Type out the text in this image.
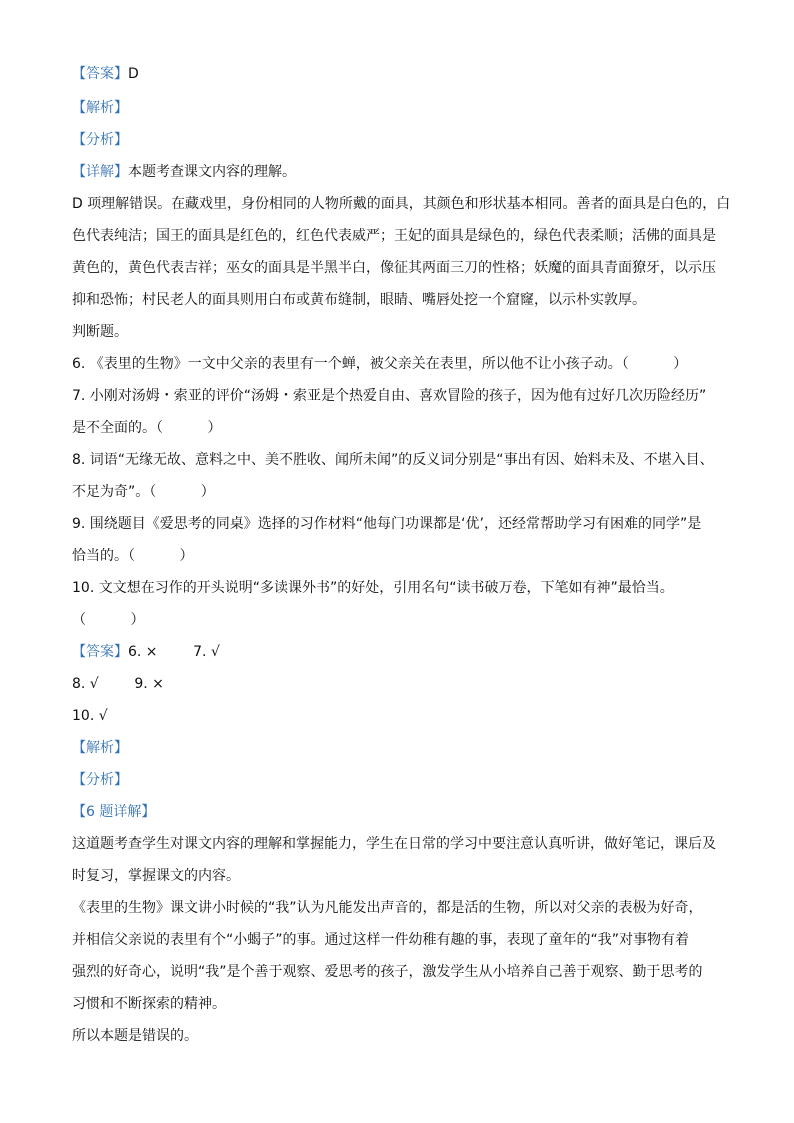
【答案】D
【解析】
【分析】
【详解】本题考查课文内容的理解。
D 项理解错误。在藏戏里，身份相同的人物所戴的面具，其颜色和形状基本相同。善者的面具是白色的，白
色代表纯洁；国王的面具是红色的，红色代表威严；王妃的面具是绿色的，绿色代表柔顺；活佛的面具是
黄色的，黄色代表吉祥；巫女的面具是半黑半白，像征其两面三刀的性格；妖魔的面具青面獠牙，以示压
抑和恐怖；村民老人的面具则用白布或黄布缝制，眼睛、嘴唇处挖一个窟窿，以示朴实敦厚。
判断题。
6. 《表里的生物》一文中父亲的表里有一个蝉，被父亲关在表里，所以他不让小孩子动。（          ）
7. 小刚对汤姆・索亚的评价“汤姆・索亚是个热爱自由、喜欢冒险的孩子，因为他有过好几次历险经历”
是不全面的。（          ）
8. 词语“无缘无故、意料之中、美不胜收、闻所未闻”的反义词分别是“事出有因、始料未及、不堪入目、
不足为奇”。（          ）
9. 围绕题目《爱思考的同桌》选择的习作材料“他每门功课都是‘优’，还经常帮助学习有困难的同学”是
恰当的。（          ）
10. 文文想在习作的开头说明“多读课外书”的好处，引用名句“读书破万卷，下笔如有神”最恰当。
（          ）
【答案】6. ×        7. √
8. √        9. ×
10. √
【解析】
【分析】
【6 题详解】
这道题考查学生对课文内容的理解和掌握能力，学生在日常的学习中要注意认真听讲，做好笔记，课后及
时复习，掌握课文的内容。
《表里的生物》课文讲小时候的“我”认为凡能发出声音的，都是活的生物，所以对父亲的表极为好奇，
并相信父亲说的表里有个“小蝎子”的事。通过这样一件幼稚有趣的事，表现了童年的“我”对事物有着
强烈的好奇心，说明“我”是个善于观察、爱思考的孩子，激发学生从小培养自己善于观察、勤于思考的
习惯和不断探索的精神。
所以本题是错误的。
